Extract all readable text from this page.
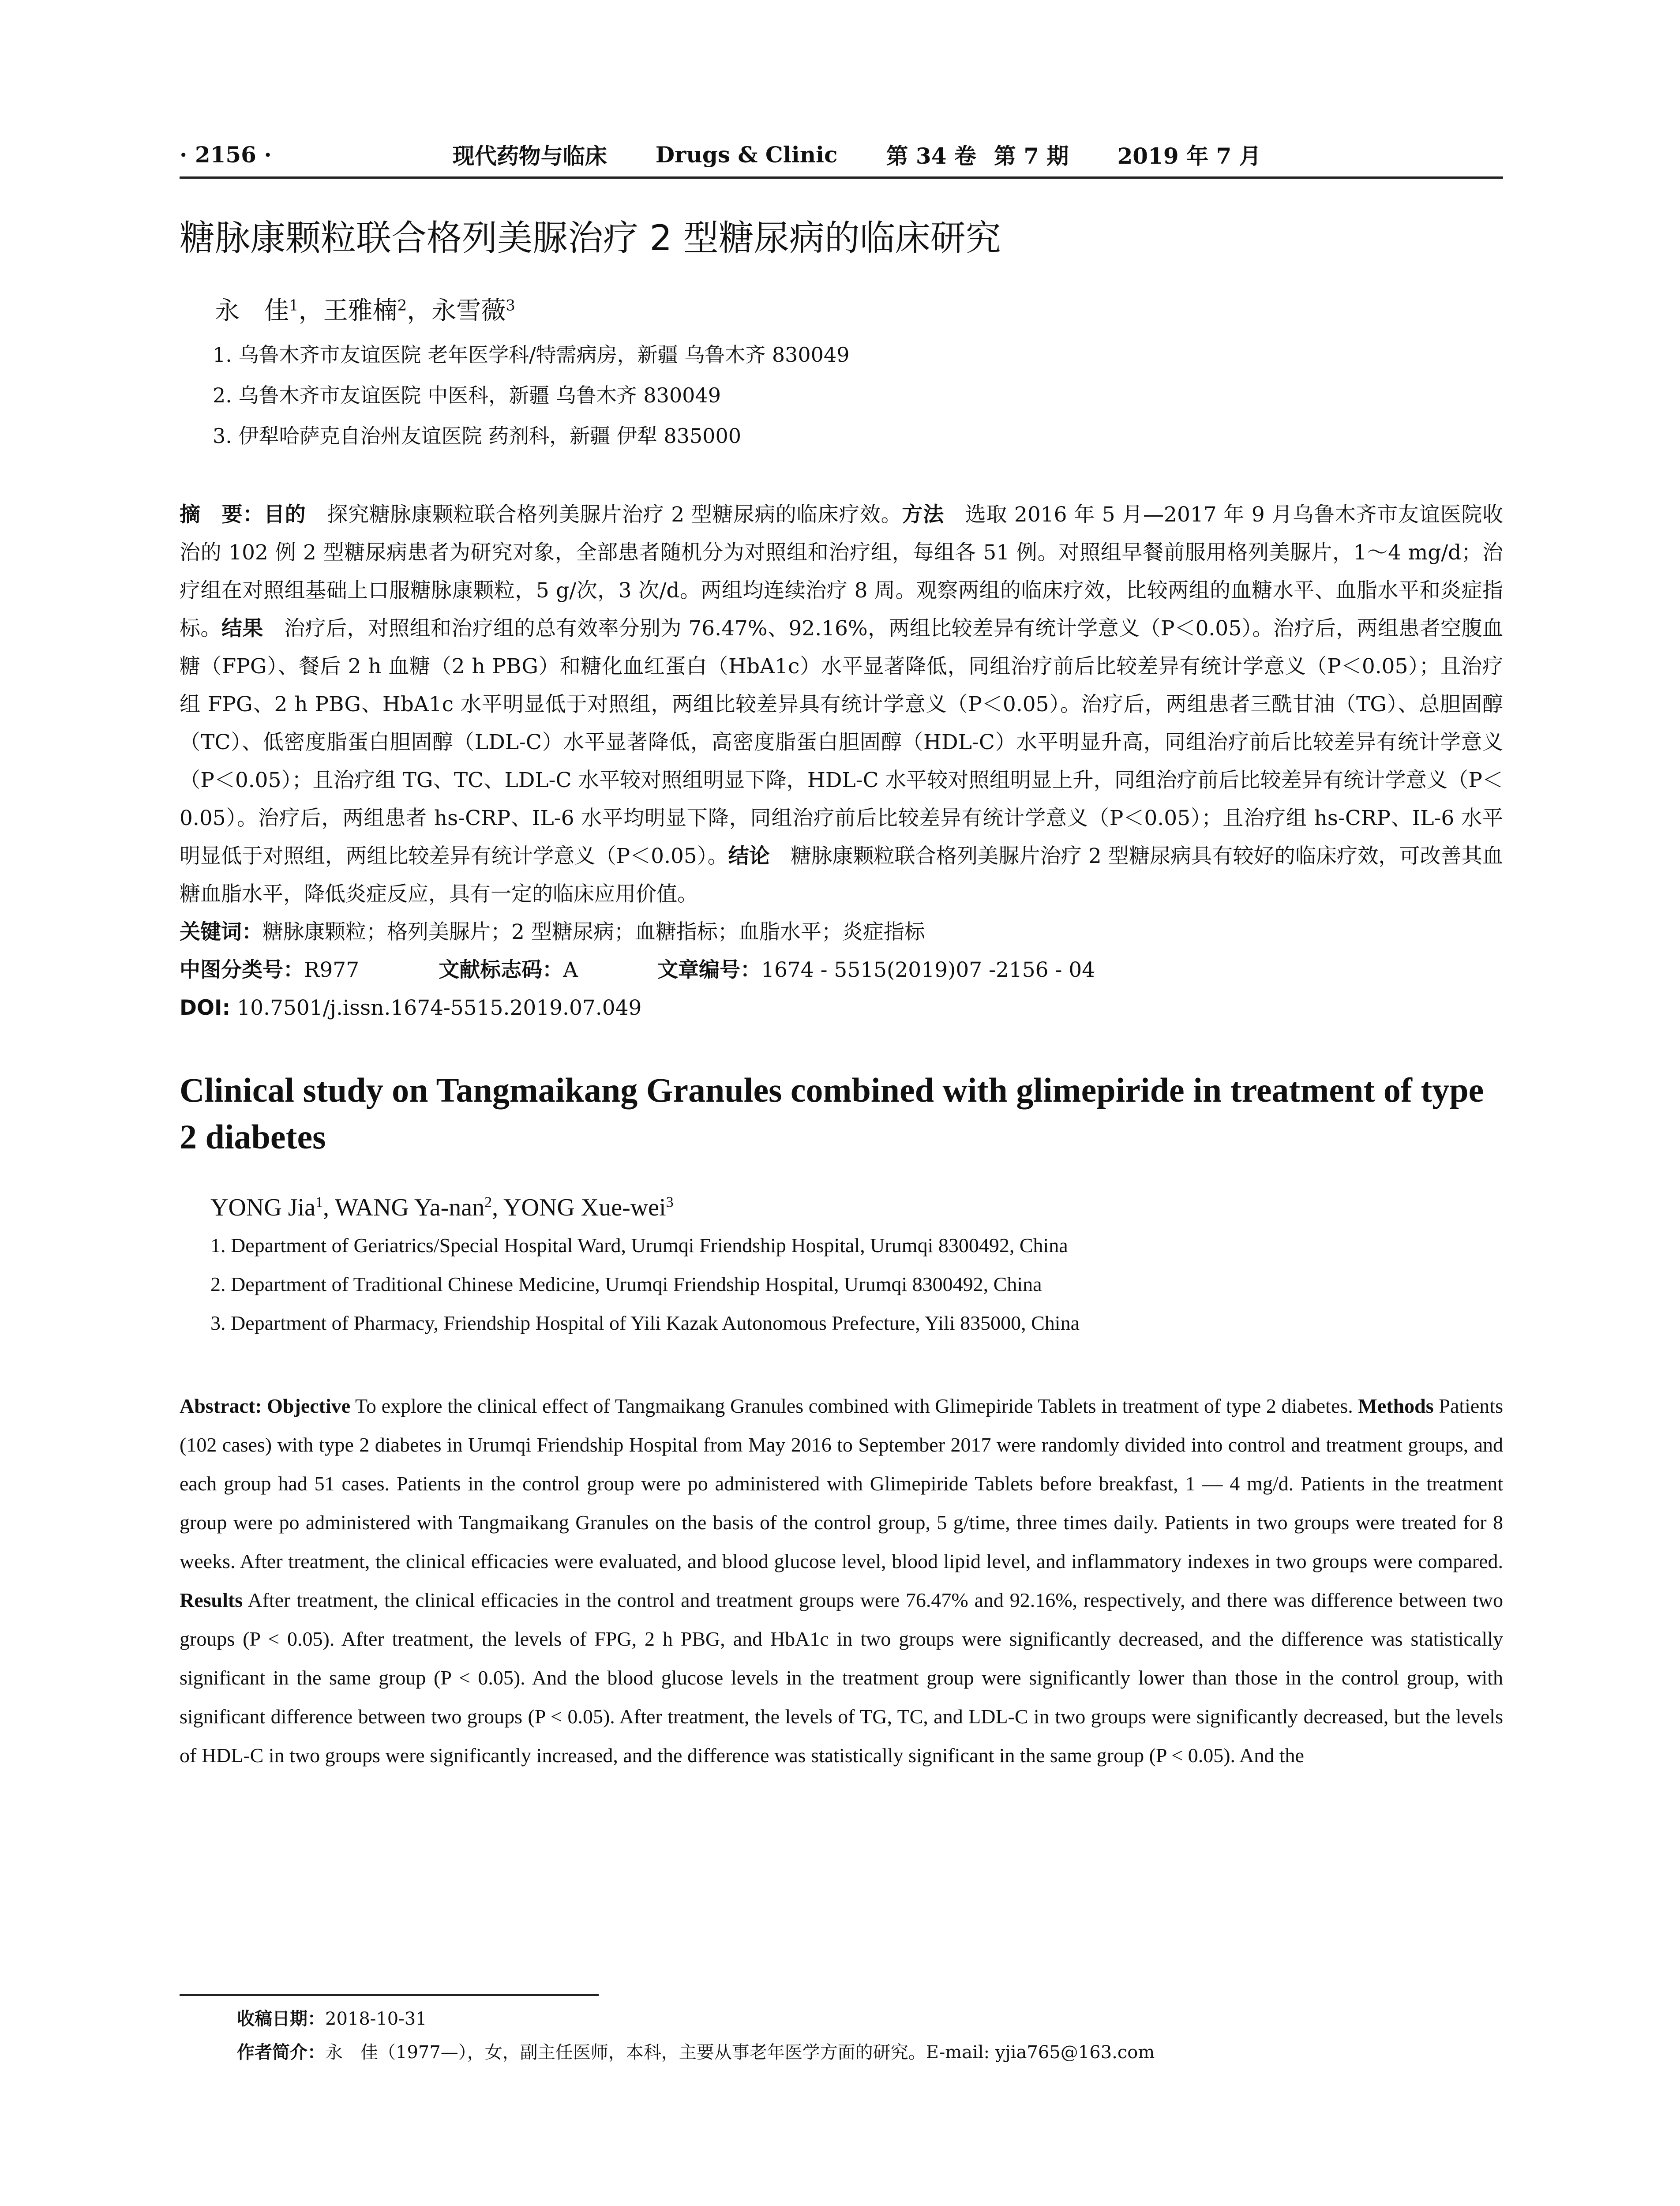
· 2156 ·	现代药物与临床 Drugs & Clinic 第 34 卷 第 7 期 2019 年 7 月
糖脉康颗粒联合格列美脲治疗 2 型糖尿病的临床研究
永　佳$^1$，王雅楠$^2$，永雪薇$^3$
1. 乌鲁木齐市友谊医院 老年医学科/特需病房，新疆 乌鲁木齐 830049
2. 乌鲁木齐市友谊医院 中医科，新疆 乌鲁木齐 830049
3. 伊犁哈萨克自治州友谊医院 药剂科，新疆 伊犁 835000
摘　要：目的　探究糖脉康颗粒联合格列美脲片治疗 2 型糖尿病的临床疗效。方法　选取 2016 年 5 月—2017 年 9 月乌鲁木齐市友谊医院收治的 102 例 2 型糖尿病患者为研究对象，全部患者随机分为对照组和治疗组，每组各 51 例。对照组早餐前服用格列美脲片，1～4 mg/d；治疗组在对照组基础上口服糖脉康颗粒，5 g/次，3 次/d。两组均连续治疗 8 周。观察两组的临床疗效，比较两组的血糖水平、血脂水平和炎症指标。结果　治疗后，对照组和治疗组的总有效率分别为 76.47%、92.16%，两组比较差异有统计学意义（P＜0.05）。治疗后，两组患者空腹血糖（FPG）、餐后 2 h 血糖（2 h PBG）和糖化血红蛋白（HbA1c）水平显著降低，同组治疗前后比较差异有统计学意义（P＜0.05）；且治疗组 FPG、2 h PBG、HbA1c 水平明显低于对照组，两组比较差异具有统计学意义（P＜0.05）。治疗后，两组患者三酰甘油（TG）、总胆固醇（TC）、低密度脂蛋白胆固醇（LDL-C）水平显著降低，高密度脂蛋白胆固醇（HDL-C）水平明显升高，同组治疗前后比较差异有统计学意义（P＜0.05）；且治疗组 TG、TC、LDL-C 水平较对照组明显下降，HDL-C 水平较对照组明显上升，同组治疗前后比较差异有统计学意义（P＜0.05）。治疗后，两组患者 hs-CRP、IL-6 水平均明显下降，同组治疗前后比较差异有统计学意义（P＜0.05）；且治疗组 hs-CRP、IL-6 水平明显低于对照组，两组比较差异有统计学意义（P＜0.05）。结论　糖脉康颗粒联合格列美脲片治疗 2 型糖尿病具有较好的临床疗效，可改善其血糖血脂水平，降低炎症反应，具有一定的临床应用价值。
关键词：糖脉康颗粒；格列美脲片；2 型糖尿病；血糖指标；血脂水平；炎症指标
中图分类号：R977	文献标志码：A	文章编号：1674 - 5515(2019)07 -2156 - 04
DOI: 10.7501/j.issn.1674-5515.2019.07.049
Clinical study on Tangmaikang Granules combined with glimepiride in treatment of type 2 diabetes
YONG Jia$^1$, WANG Ya-nan$^2$, YONG Xue-wei$^3$
1. Department of Geriatrics/Special Hospital Ward, Urumqi Friendship Hospital, Urumqi 8300492, China
2. Department of Traditional Chinese Medicine, Urumqi Friendship Hospital, Urumqi 8300492, China
3. Department of Pharmacy, Friendship Hospital of Yili Kazak Autonomous Prefecture, Yili 835000, China
Abstract: Objective To explore the clinical effect of Tangmaikang Granules combined with Glimepiride Tablets in treatment of type 2 diabetes. Methods Patients (102 cases) with type 2 diabetes in Urumqi Friendship Hospital from May 2016 to September 2017 were randomly divided into control and treatment groups, and each group had 51 cases. Patients in the control group were po administered with Glimepiride Tablets before breakfast, 1 — 4 mg/d. Patients in the treatment group were po administered with Tangmaikang Granules on the basis of the control group, 5 g/time, three times daily. Patients in two groups were treated for 8 weeks. After treatment, the clinical efficacies were evaluated, and blood glucose level, blood lipid level, and inflammatory indexes in two groups were compared. Results After treatment, the clinical efficacies in the control and treatment groups were 76.47% and 92.16%, respectively, and there was difference between two groups (P < 0.05). After treatment, the levels of FPG, 2 h PBG, and HbA1c in two groups were significantly decreased, and the difference was statistically significant in the same group (P < 0.05). And the blood glucose levels in the treatment group were significantly lower than those in the control group, with significant difference between two groups (P < 0.05). After treatment, the levels of TG, TC, and LDL-C in two groups were significantly decreased, but the levels of HDL-C in two groups were significantly increased, and the difference was statistically significant in the same group (P < 0.05). And the
收稿日期：2018-10-31
作者简介：永　佳（1977—），女，副主任医师，本科，主要从事老年医学方面的研究。E-mail: yjia765@163.com
